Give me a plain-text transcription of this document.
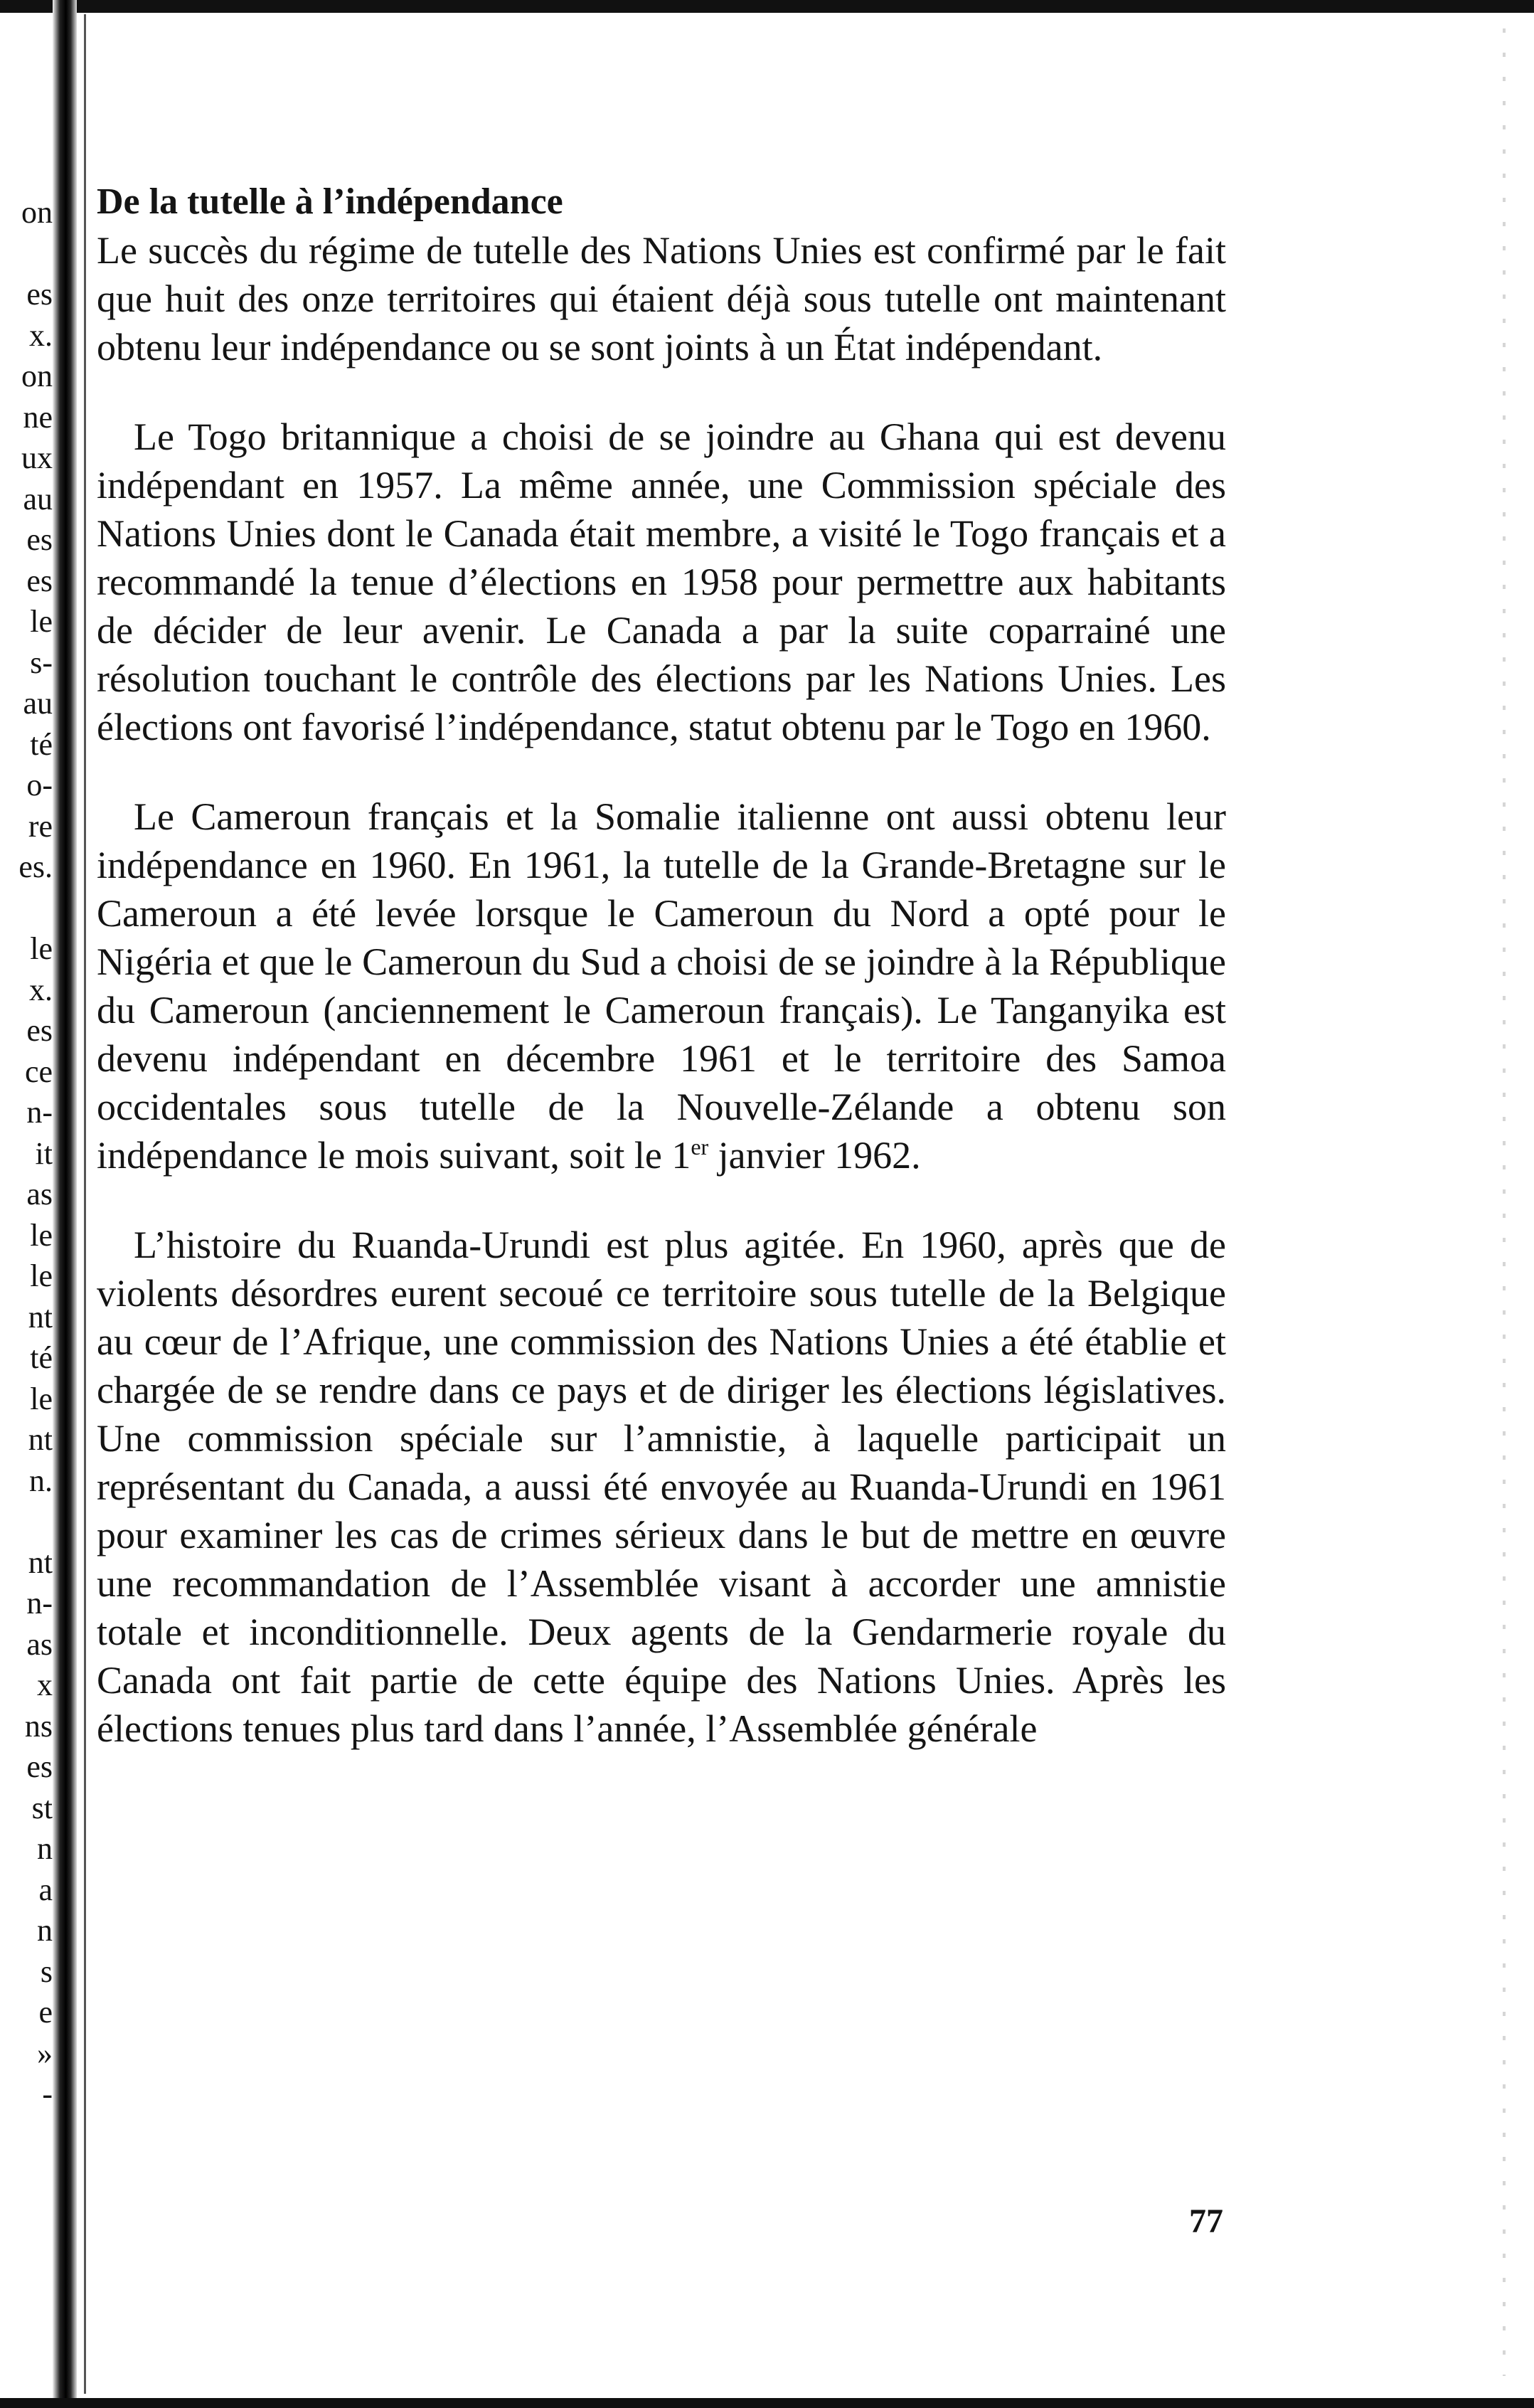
on
es
x.
on
ne
ux
au
es
es
le
s-
au
té
o-
re
es.
le
x.
es
ce
n-
it
as
le
le
nt
té
le
nt
n.
nt
n-
as
x
ns
es
st
n
a
n
s
e
»
-
De la tutelle à l’indépendance

Le succès du régime de tutelle des Nations Unies est confirmé par le fait que huit des onze territoires qui étaient déjà sous tutelle ont maintenant obtenu leur indépendance ou se sont joints à un État indépendant.

Le Togo britannique a choisi de se joindre au Ghana qui est devenu indépendant en 1957. La même année, une Commission spéciale des Nations Unies dont le Canada était membre, a visité le Togo français et a recommandé la tenue d’élections en 1958 pour permettre aux habitants de décider de leur avenir. Le Canada a par la suite coparrainé une résolution touchant le contrôle des élections par les Nations Unies. Les élections ont favorisé l’indépendance, statut obtenu par le Togo en 1960.

Le Cameroun français et la Somalie italienne ont aussi obtenu leur indépendance en 1960. En 1961, la tutelle de la Grande-Bretagne sur le Cameroun a été levée lorsque le Cameroun du Nord a opté pour le Nigéria et que le Cameroun du Sud a choisi de se joindre à la République du Cameroun (anciennement le Cameroun français). Le Tanganyika est devenu indépendant en décembre 1961 et le territoire des Samoa occidentales sous tutelle de la Nouvelle-Zélande a obtenu son indépendance le mois suivant, soit le 1er janvier 1962.

L’histoire du Ruanda-Urundi est plus agitée. En 1960, après que de violents désordres eurent secoué ce territoire sous tutelle de la Belgique au cœur de l’Afrique, une commission des Nations Unies a été établie et chargée de se rendre dans ce pays et de diriger les élections législatives. Une commission spéciale sur l’amnistie, à laquelle participait un représentant du Canada, a aussi été envoyée au Ruanda-Urundi en 1961 pour examiner les cas de crimes sérieux dans le but de mettre en œuvre une recommandation de l’Assemblée visant à accorder une amnistie totale et inconditionnelle. Deux agents de la Gendarmerie royale du Canada ont fait partie de cette équipe des Nations Unies. Après les élections tenues plus tard dans l’année, l’Assemblée générale

77
